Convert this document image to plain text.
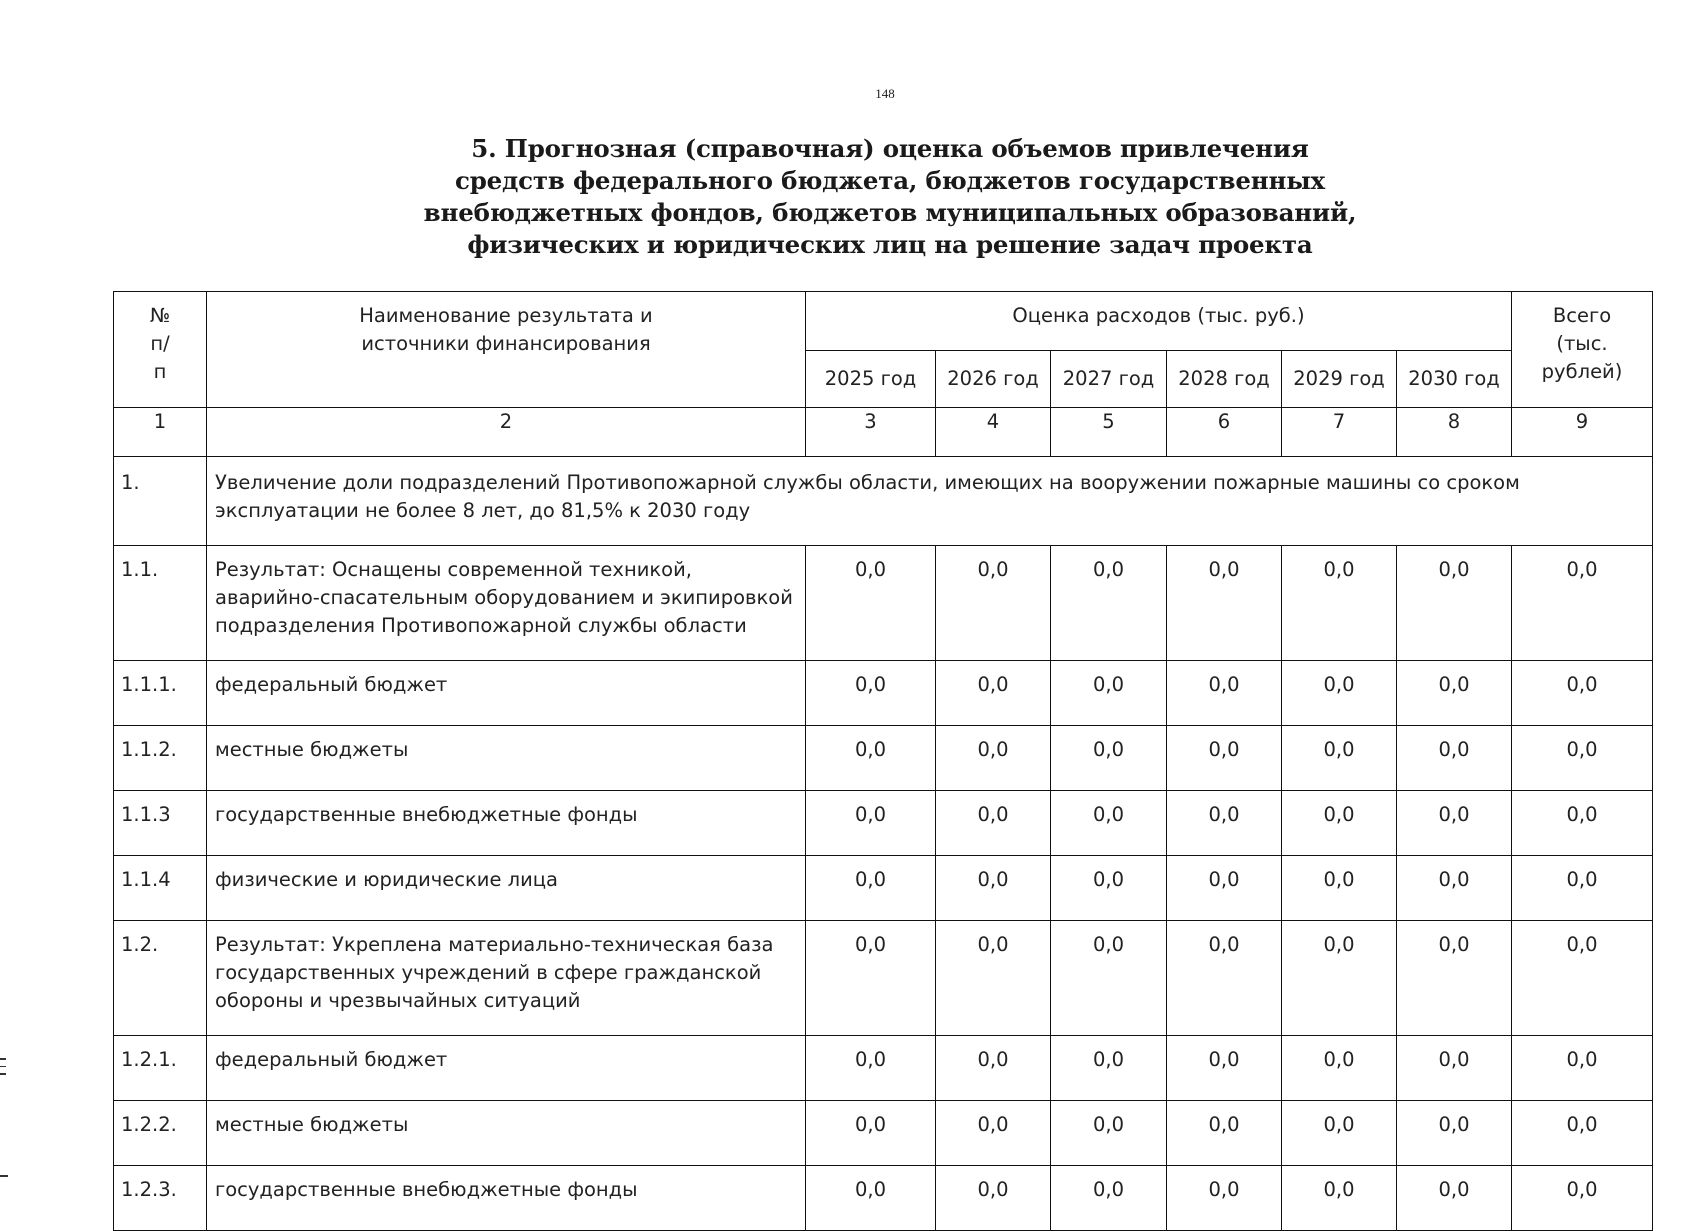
148
5. Прогнозная (справочная) оценка объемов привлечения
средств федерального бюджета, бюджетов государственных
внебюджетных фондов, бюджетов муниципальных образований,
физических и юридических лиц на решение задач проекта
№ п/п	Наименование результата и источники финансирования	Оценка расходов (тыс. руб.)						Всего (тыс. рублей)
		2025 год	2026 год	2027 год	2028 год	2029 год	2030 год	
1	2	3	4	5	6	7	8	9
1.	Увеличение доли подразделений Противопожарной службы области, имеющих на вооружении пожарные машины со сроком эксплуатации не более 8 лет, до 81,5% к 2030 году							
1.1.	Результат: Оснащены современной техникой, аварийно-спасательным оборудованием и экипировкой подразделения Противопожарной службы области	0,0	0,0	0,0	0,0	0,0	0,0	0,0
1.1.1.	федеральный бюджет	0,0	0,0	0,0	0,0	0,0	0,0	0,0
1.1.2.	местные бюджеты	0,0	0,0	0,0	0,0	0,0	0,0	0,0
1.1.3	государственные внебюджетные фонды	0,0	0,0	0,0	0,0	0,0	0,0	0,0
1.1.4	физические и юридические лица	0,0	0,0	0,0	0,0	0,0	0,0	0,0
1.2.	Результат: Укреплена материально-техническая база государственных учреждений в сфере гражданской обороны и чрезвычайных ситуаций	0,0	0,0	0,0	0,0	0,0	0,0	0,0
1.2.1.	федеральный бюджет	0,0	0,0	0,0	0,0	0,0	0,0	0,0
1.2.2.	местные бюджеты	0,0	0,0	0,0	0,0	0,0	0,0	0,0
1.2.3.	государственные внебюджетные фонды	0,0	0,0	0,0	0,0	0,0	0,0	0,0
